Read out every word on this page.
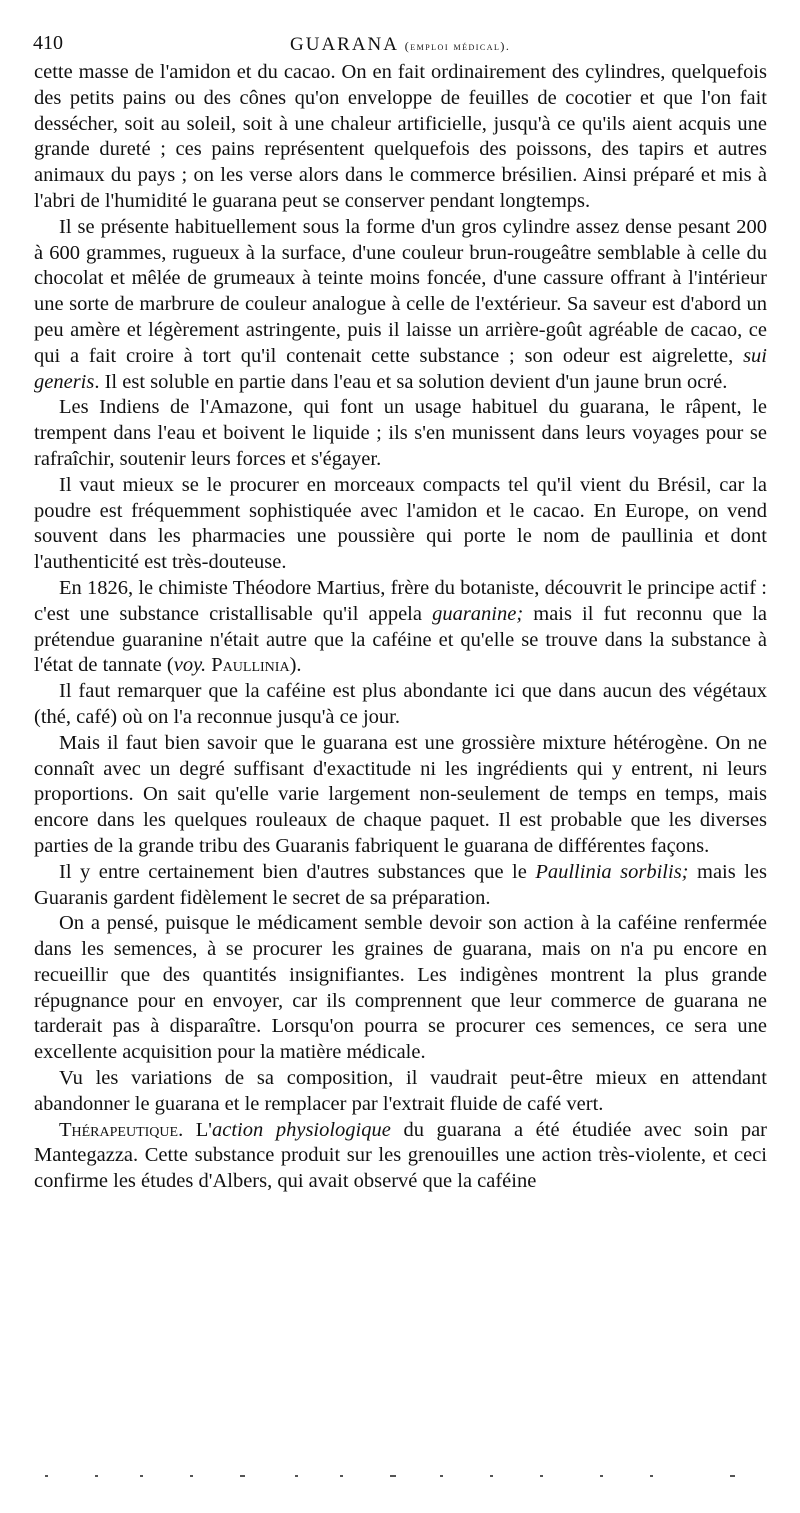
410	GUARANA (emploi médical).

cette masse de l'amidon et du cacao. On en fait ordinairement des cylindres, quelquefois des petits pains ou des cônes qu'on enveloppe de feuilles de cocotier et que l'on fait dessécher, soit au soleil, soit à une chaleur artificielle, jusqu'à ce qu'ils aient acquis une grande dureté ; ces pains représentent quelquefois des poissons, des tapirs et autres animaux du pays ; on les verse alors dans le commerce brésilien. Ainsi préparé et mis à l'abri de l'humidité le guarana peut se conserver pendant longtemps.

Il se présente habituellement sous la forme d'un gros cylindre assez dense pesant 200 à 600 grammes, rugueux à la surface, d'une couleur brun-rougeâtre semblable à celle du chocolat et mêlée de grumeaux à teinte moins foncée, d'une cassure offrant à l'intérieur une sorte de marbrure de couleur analogue à celle de l'extérieur. Sa saveur est d'abord un peu amère et légèrement astringente, puis il laisse un arrière-goût agréable de cacao, ce qui a fait croire à tort qu'il contenait cette substance ; son odeur est aigrelette, sui generis. Il est soluble en partie dans l'eau et sa solution devient d'un jaune brun ocré.

Les Indiens de l'Amazone, qui font un usage habituel du guarana, le râpent, le trempent dans l'eau et boivent le liquide ; ils s'en munissent dans leurs voyages pour se rafraîchir, soutenir leurs forces et s'égayer.

Il vaut mieux se le procurer en morceaux compacts tel qu'il vient du Brésil, car la poudre est fréquemment sophistiquée avec l'amidon et le cacao. En Europe, on vend souvent dans les pharmacies une poussière qui porte le nom de paullinia et dont l'authenticité est très-douteuse.

En 1826, le chimiste Théodore Martius, frère du botaniste, découvrit le principe actif : c'est une substance cristallisable qu'il appela guaranine; mais il fut reconnu que la prétendue guaranine n'était autre que la caféine et qu'elle se trouve dans la substance à l'état de tannate (voy. Paullinia).

Il faut remarquer que la caféine est plus abondante ici que dans aucun des végétaux (thé, café) où on l'a reconnue jusqu'à ce jour.

Mais il faut bien savoir que le guarana est une grossière mixture hétérogène. On ne connaît avec un degré suffisant d'exactitude ni les ingrédients qui y entrent, ni leurs proportions. On sait qu'elle varie largement non-seulement de temps en temps, mais encore dans les quelques rouleaux de chaque paquet. Il est probable que les diverses parties de la grande tribu des Guaranis fabriquent le guarana de différentes façons.

Il y entre certainement bien d'autres substances que le Paullinia sorbilis; mais les Guaranis gardent fidèlement le secret de sa préparation.

On a pensé, puisque le médicament semble devoir son action à la caféine renfermée dans les semences, à se procurer les graines de guarana, mais on n'a pu encore en recueillir que des quantités insignifiantes. Les indigènes montrent la plus grande répugnance pour en envoyer, car ils comprennent que leur commerce de guarana ne tarderait pas à disparaître. Lorsqu'on pourra se procurer ces semences, ce sera une excellente acquisition pour la matière médicale.

Vu les variations de sa composition, il vaudrait peut-être mieux en attendant abandonner le guarana et le remplacer par l'extrait fluide de café vert.

Thérapeutique. L'action physiologique du guarana a été étudiée avec soin par Mantegazza. Cette substance produit sur les grenouilles une action très-violente, et ceci confirme les études d'Albers, qui avait observé que la caféine
